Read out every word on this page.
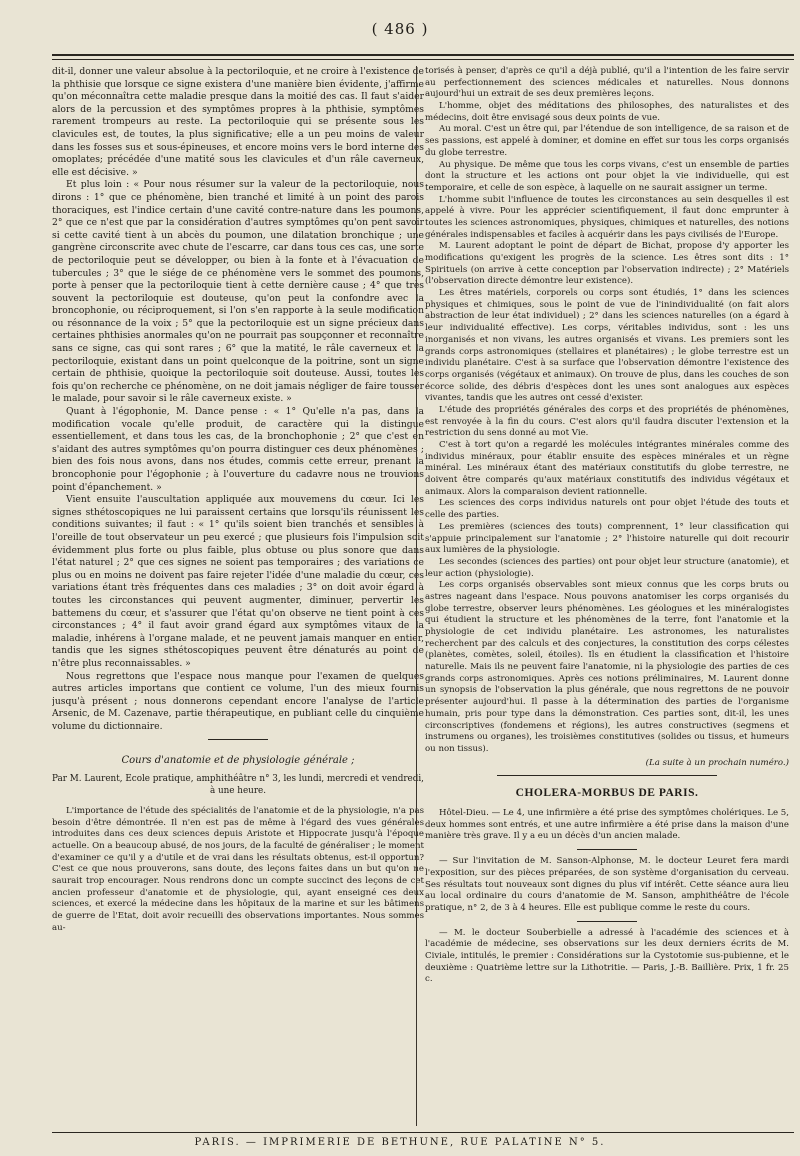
( 486 )

dit-il, donner une valeur absolue à la pectoriloquie, et ne croire à l'existence de la phthisie que lorsque ce signe existera d'une manière bien évidente, j'affirme qu'on méconnaîtra cette maladie presque dans la moitié des cas. Il faut s'aider alors de la percussion et des symptômes propres à la phthisie, symptômes rarement trompeurs au reste. La pectoriloquie qui se présente sous les clavicules est, de toutes, la plus significative; elle a un peu moins de valeur dans les fosses sus et sous-épineuses, et encore moins vers le bord interne des omoplates; précédée d'une matité sous les clavicules et d'un râle caverneux, elle est décisive. »

Et plus loin : « Pour nous résumer sur la valeur de la pectoriloquie, nous dirons : 1° que ce phénomène, bien tranché et limité à un point des parois thoraciques, est l'indice certain d'une cavité contre-nature dans les poumons, 2° que ce n'est que par la considération d'autres symptômes qu'on pent savoir si cette cavité tient à un abcès du poumon, une dilatation bronchique ; une gangrène circonscrite avec chute de l'escarre, car dans tous ces cas, une sorte de pectoriloquie peut se développer, ou bien à la fonte et à l'évacuation de tubercules ; 3° que le siége de ce phénomène vers le sommet des poumons, porte à penser que la pectoriloquie tient à cette dernière cause ; 4° que très souvent la pectoriloquie est douteuse, qu'on peut la confondre avec la broncophonie, ou réciproquement, si l'on s'en rapporte à la seule modification ou résonnance de la voix ; 5° que la pectoriloquie est un signe précieux dans certaines phthisies anormales qu'on ne pourrait pas soupçonner et reconnaître sans ce signe, cas qui sont rares ; 6° que la matité, le râle caverneux et la pectoriloquie, existant dans un point quelconque de la poitrine, sont un signe certain de phthisie, quoique la pectoriloquie soit douteuse. Aussi, toutes les fois qu'on recherche ce phénomène, on ne doit jamais négliger de faire tousser le malade, pour savoir si le râle caverneux existe. »

Quant à l'égophonie, M. Dance pense : « 1° Qu'elle n'a pas, dans la modification vocale qu'elle produit, de caractère qui la distingue essentiellement, et dans tous les cas, de la bronchophonie ; 2° que c'est en s'aidant des autres symptômes qu'on pourra distinguer ces deux phénomènes ; bien des fois nous avons, dans nos études, commis cette erreur, prenant la broncophonie pour l'égophonie ; à l'ouverture du cadavre nous ne trouvions point d'épanchement. »

Vient ensuite l'auscultation appliquée aux mouvemens du cœur. Ici les signes sthétoscopiques ne lui paraissent certains que lorsqu'ils réunissent les conditions suivantes; il faut : « 1° qu'ils soient bien tranchés et sensibles à l'oreille de tout observateur un peu exercé ; que plusieurs fois l'impulsion soit évidemment plus forte ou plus faible, plus obtuse ou plus sonore que dans l'état naturel ; 2° que ces signes ne soient pas temporaires ; des variations ce plus ou en moins ne doivent pas faire rejeter l'idée d'une maladie du cœur, ces variations étant très fréquentes dans ces maladies ; 3° on doit avoir égard à toutes les circonstances qui peuvent augmenter, diminuer, pervertir les battemens du cœur, et s'assurer que l'état qu'on observe ne tient point à ces circonstances ; 4° il faut avoir grand égard aux symptômes vitaux de la maladie, inhérens à l'organe malade, et ne peuvent jamais manquer en entier, tandis que les signes sthétoscopiques peuvent être dénaturés au point de n'être plus reconnaissables. »

Nous regrettons que l'espace nous manque pour l'examen de quelques autres articles importans que contient ce volume, l'un des mieux fournis jusqu'à présent ; nous donnerons cependant encore l'analyse de l'article Arsenic, de M. Cazenave, partie thérapeutique, en publiant celle du cinquième volume du dictionnaire.

Cours d'anatomie et de physiologie générale ;
Par M. Laurent, Ecole pratique, amphithéâtre n° 3, les lundi, mercredi et vendredi, à une heure.

L'importance de l'étude des spécialités de l'anatomie et de la physiologie, n'a pas besoin d'être démontrée. Il n'en est pas de même à l'égard des vues générales introduites dans ces deux sciences depuis Aristote et Hippocrate jusqu'à l'époque actuelle. On a beaucoup abusé, de nos jours, de la faculté de généraliser ; le moment d'examiner ce qu'il y a d'utile et de vrai dans les résultats obtenus, est-il opportun? C'est ce que nous prouverons, sans doute, des leçons faites dans un but qu'on ne saurait trop encourager. Nous rendrons donc un compte succinct des leçons de cet ancien professeur d'anatomie et de physiologie, qui, ayant enseigné ces deux sciences, et exercé la médecine dans les hôpitaux de la marine et sur les bâtimens de guerre de l'Etat, doit avoir recueilli des observations importantes. Nous sommes au-

torisés à penser, d'après ce qu'il a déjà publié, qu'il a l'intention de les faire servir au perfectionnement des sciences médicales et naturelles. Nous donnons aujourd'hui un extrait de ses deux premières leçons.

L'homme, objet des méditations des philosophes, des naturalistes et des médecins, doit être envisagé sous deux points de vue.

Au moral. C'est un être qui, par l'étendue de son intelligence, de sa raison et de ses passions, est appelé à dominer, et domine en effet sur tous les corps organisés du globe terrestre.

Au physique. De même que tous les corps vivans, c'est un ensemble de parties dont la structure et les actions ont pour objet la vie individuelle, qui est temporaire, et celle de son espèce, à laquelle on ne saurait assigner un terme.

L'homme subit l'influence de toutes les circonstances au sein desquelles il est appelé à vivre. Pour les apprécier scientifiquement, il faut donc emprunter à toutes les sciences astronomiques, physiques, chimiques et naturelles, des notions générales indispensables et faciles à acquérir dans les pays civilisés de l'Europe.

M. Laurent adoptant le point de départ de Bichat, propose d'y apporter les modifications qu'exigent les progrès de la science. Les êtres sont dits : 1° Spirituels (on arrive à cette conception par l'observation indirecte) ; 2° Matériels (l'observation directe démontre leur existence).

Les êtres matériels, corporels ou corps sont étudiés, 1° dans les sciences physiques et chimiques, sous le point de vue de l'inindividualité (on fait alors abstraction de leur état individuel) ; 2° dans les sciences naturelles (on a égard à leur individualité effective). Les corps, véritables individus, sont : les uns inorganisés et non vivans, les autres organisés et vivans. Les premiers sont les grands corps astronomiques (stellaires et planétaires) ; le globe terrestre est un individu planétaire. C'est à sa surface que l'observation démontre l'existence des corps organisés (végétaux et animaux). On trouve de plus, dans les couches de son écorce solide, des débris d'espèces dont les unes sont analogues aux espèces vivantes, tandis que les autres ont cessé d'exister.

L'étude des propriétés générales des corps et des propriétés de phénomènes, est renvoyée à la fin du cours. C'est alors qu'il faudra discuter l'extension et la restriction du sens donné au mot Vie.

C'est à tort qu'on a regardé les molécules intégrantes minérales comme des individus minéraux, pour établir ensuite des espèces minérales et un règne minéral. Les minéraux étant des matériaux constitutifs du globe terrestre, ne doivent être comparés qu'aux matériaux constitutifs des individus végétaux et animaux. Alors la comparaison devient rationnelle.

Les sciences des corps individus naturels ont pour objet l'étude des touts et celle des parties.

Les premières (sciences des touts) comprennent, 1° leur classification qui s'appuie principalement sur l'anatomie ; 2° l'histoire naturelle qui doit recourir aux lumières de la physiologie.

Les secondes (sciences des parties) ont pour objet leur structure (anatomie), et leur action (physiologie).

Les corps organisés observables sont mieux connus que les corps bruts ou astres nageant dans l'espace. Nous pouvons anatomiser les corps organisés du globe terrestre, observer leurs phénomènes. Les géologues et les minéralogistes qui étudient la structure et les phénomènes de la terre, font l'anatomie et la physiologie de cet individu planétaire. Les astronomes, les naturalistes recherchent par des calculs et des conjectures, la constitution des corps célestes (planètes, comètes, soleil, étoiles). Ils en étudient la classification et l'histoire naturelle. Mais ils ne peuvent faire l'anatomie, ni la physiologie des parties de ces grands corps astronomiques. Après ces notions préliminaires, M. Laurent donne un synopsis de l'observation la plus générale, que nous regrettons de ne pouvoir présenter aujourd'hui. Il passe à la détermination des parties de l'organisme humain, pris pour type dans la démonstration. Ces parties sont, dit-il, les unes circonscriptives (fondemens et régions), les autres constructives (segmens et instrumens ou organes), les troisièmes constitutives (solides ou tissus, et humeurs ou non tissus).

(La suite à un prochain numéro.)
CHOLERA-MORBUS DE PARIS.

Hôtel-Dieu. — Le 4, une infirmière a été prise des symptômes cholériques. Le 5, deux hommes sont entrés, et une autre infirmière a été prise dans la maison d'une manière très grave. Il y a eu un décès d'un ancien malade.

— Sur l'invitation de M. Sanson-Alphonse, M. le docteur Leuret fera mardi l'exposition, sur des pièces préparées, de son système d'organisation du cerveau. Ses résultats tout nouveaux sont dignes du plus vif intérêt. Cette séance aura lieu au local ordinaire du cours d'anatomie de M. Sanson, amphithéâtre de l'école pratique, n° 2, de 3 à 4 heures. Elle est publique comme le reste du cours.

— M. le docteur Souberbielle a adressé à l'académie des sciences et à l'académie de médecine, ses observations sur les deux derniers écrits de M. Civiale, intitulés, le premier : Considérations sur la Cystotomie sus-pubienne, et le deuxième : Quatrième lettre sur la Lithotritie. — Paris, J.-B. Baillière. Prix, 1 fr. 25 c.

PARIS. — IMPRIMERIE DE BETHUNE, RUE PALATINE N° 5.
